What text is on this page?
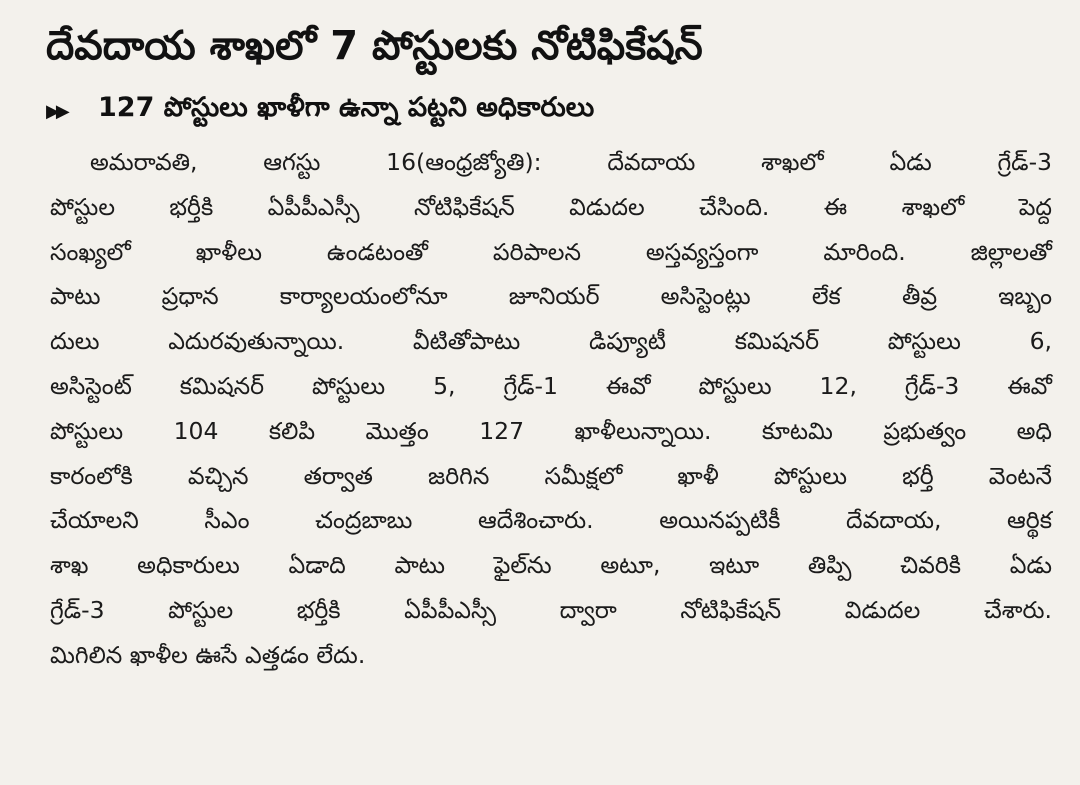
దేవదాయ శాఖలో 7 పోస్టులకు నోటిఫికేషన్
▶▶	127 పోస్టులు ఖాళీగా ఉన్నా పట్టని అధికారులు
అమరావతి, ఆగస్టు 16(ఆంధ్రజ్యోతి): దేవదాయ శాఖలో ఏడు గ్రేడ్-3
పోస్టుల భర్తీకి ఏపీపీఎస్సీ నోటిఫికేషన్ విడుదల చేసింది. ఈ శాఖలో పెద్ద
సంఖ్యలో ఖాళీలు ఉండటంతో పరిపాలన అస్తవ్యస్తంగా మారింది. జిల్లాలతో
పాటు ప్రధాన కార్యాలయంలోనూ జూనియర్ అసిస్టెంట్లు లేక తీవ్ర ఇబ్బం
దులు ఎదురవుతున్నాయి. వీటితోపాటు డిప్యూటీ కమిషనర్ పోస్టులు 6,
అసిస్టెంట్ కమిషనర్ పోస్టులు 5, గ్రేడ్-1 ఈవో పోస్టులు 12, గ్రేడ్-3 ఈవో
పోస్టులు 104 కలిపి మొత్తం 127 ఖాళీలున్నాయి. కూటమి ప్రభుత్వం అధి
కారంలోకి వచ్చిన తర్వాత జరిగిన సమీక్షలో ఖాళీ పోస్టులు భర్తీ వెంటనే
చేయాలని సీఎం చంద్రబాబు ఆదేశించారు. అయినప్పటికీ దేవదాయ, ఆర్థిక
శాఖ అధికారులు ఏడాది పాటు ఫైల్‌ను అటూ, ఇటూ తిప్పి చివరికి ఏడు
గ్రేడ్-3 పోస్టుల భర్తీకి ఏపీపీఎస్సీ ద్వారా నోటిఫికేషన్ విడుదల చేశారు.
మిగిలిన ఖాళీల ఊసే ఎత్తడం లేదు.
